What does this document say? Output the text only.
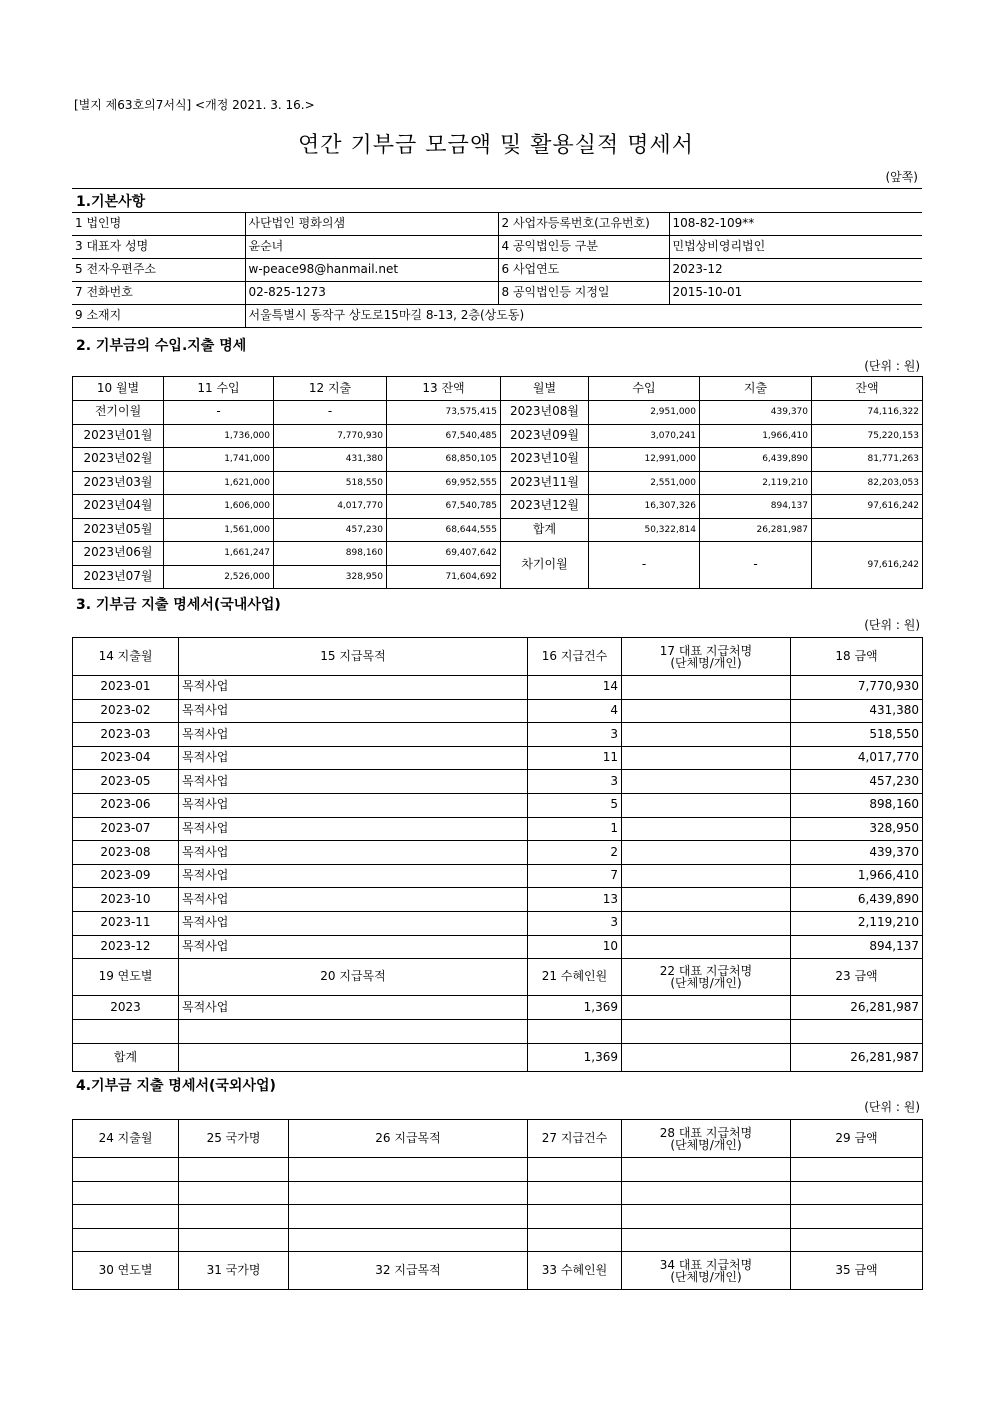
[별지 제63호의7서식] <개정 2021. 3. 16.>
연간 기부금 모금액 및 활용실적 명세서
(앞쪽)
1.기본사항
1 법인명	사단법인 평화의샘	2 사업자등록번호(고유번호)	108-82-109**
3 대표자 성명	윤순녀	4 공익법인등 구분	민법상비영리법인
5 전자우편주소	w-peace98@hanmail.net	6 사업연도	2023-12
7 전화번호	02-825-1273	8 공익법인등 지정일	2015-10-01
9 소재지	서울특별시 동작구 상도로15마길 8-13, 2층(상도동)		
2. 기부금의 수입.지출 명세
(단위 : 원)
10 월별	11 수입	12 지출	13 잔액	월별	수입	지출	잔액
전기이월	-	-	73,575,415	2023년08월	2,951,000	439,370	74,116,322
2023년01월	1,736,000	7,770,930	67,540,485	2023년09월	3,070,241	1,966,410	75,220,153
2023년02월	1,741,000	431,380	68,850,105	2023년10월	12,991,000	6,439,890	81,771,263
2023년03월	1,621,000	518,550	69,952,555	2023년11월	2,551,000	2,119,210	82,203,053
2023년04월	1,606,000	4,017,770	67,540,785	2023년12월	16,307,326	894,137	97,616,242
2023년05월	1,561,000	457,230	68,644,555	합계	50,322,814	26,281,987	
2023년06월	1,661,247	898,160	69,407,642	차기이월	-	-	97,616,242
2023년07월	2,526,000	328,950	71,604,692				
3. 기부금 지출 명세서(국내사업)
(단위 : 원)
14 지출월	15 지급목적	16 지급건수	17 대표 지급처명
(단체명/개인)	18 금액
2023-01	목적사업	14		7,770,930
2023-02	목적사업	4		431,380
2023-03	목적사업	3		518,550
2023-04	목적사업	11		4,017,770
2023-05	목적사업	3		457,230
2023-06	목적사업	5		898,160
2023-07	목적사업	1		328,950
2023-08	목적사업	2		439,370
2023-09	목적사업	7		1,966,410
2023-10	목적사업	13		6,439,890
2023-11	목적사업	3		2,119,210
2023-12	목적사업	10		894,137
19 연도별	20 지급목적	21 수혜인원	22 대표 지급처명
(단체명/개인)	23 금액
2023	목적사업	1,369		26,281,987

합계		1,369		26,281,987
4.기부금 지출 명세서(국외사업)
(단위 : 원)
24 지출월	25 국가명	26 지급목적	27 지급건수	28 대표 지급처명
(단체명/개인)	29 금액

30 연도별	31 국가명	32 지급목적	33 수혜인원	34 대표 지급처명
(단체명/개인)	35 금액
